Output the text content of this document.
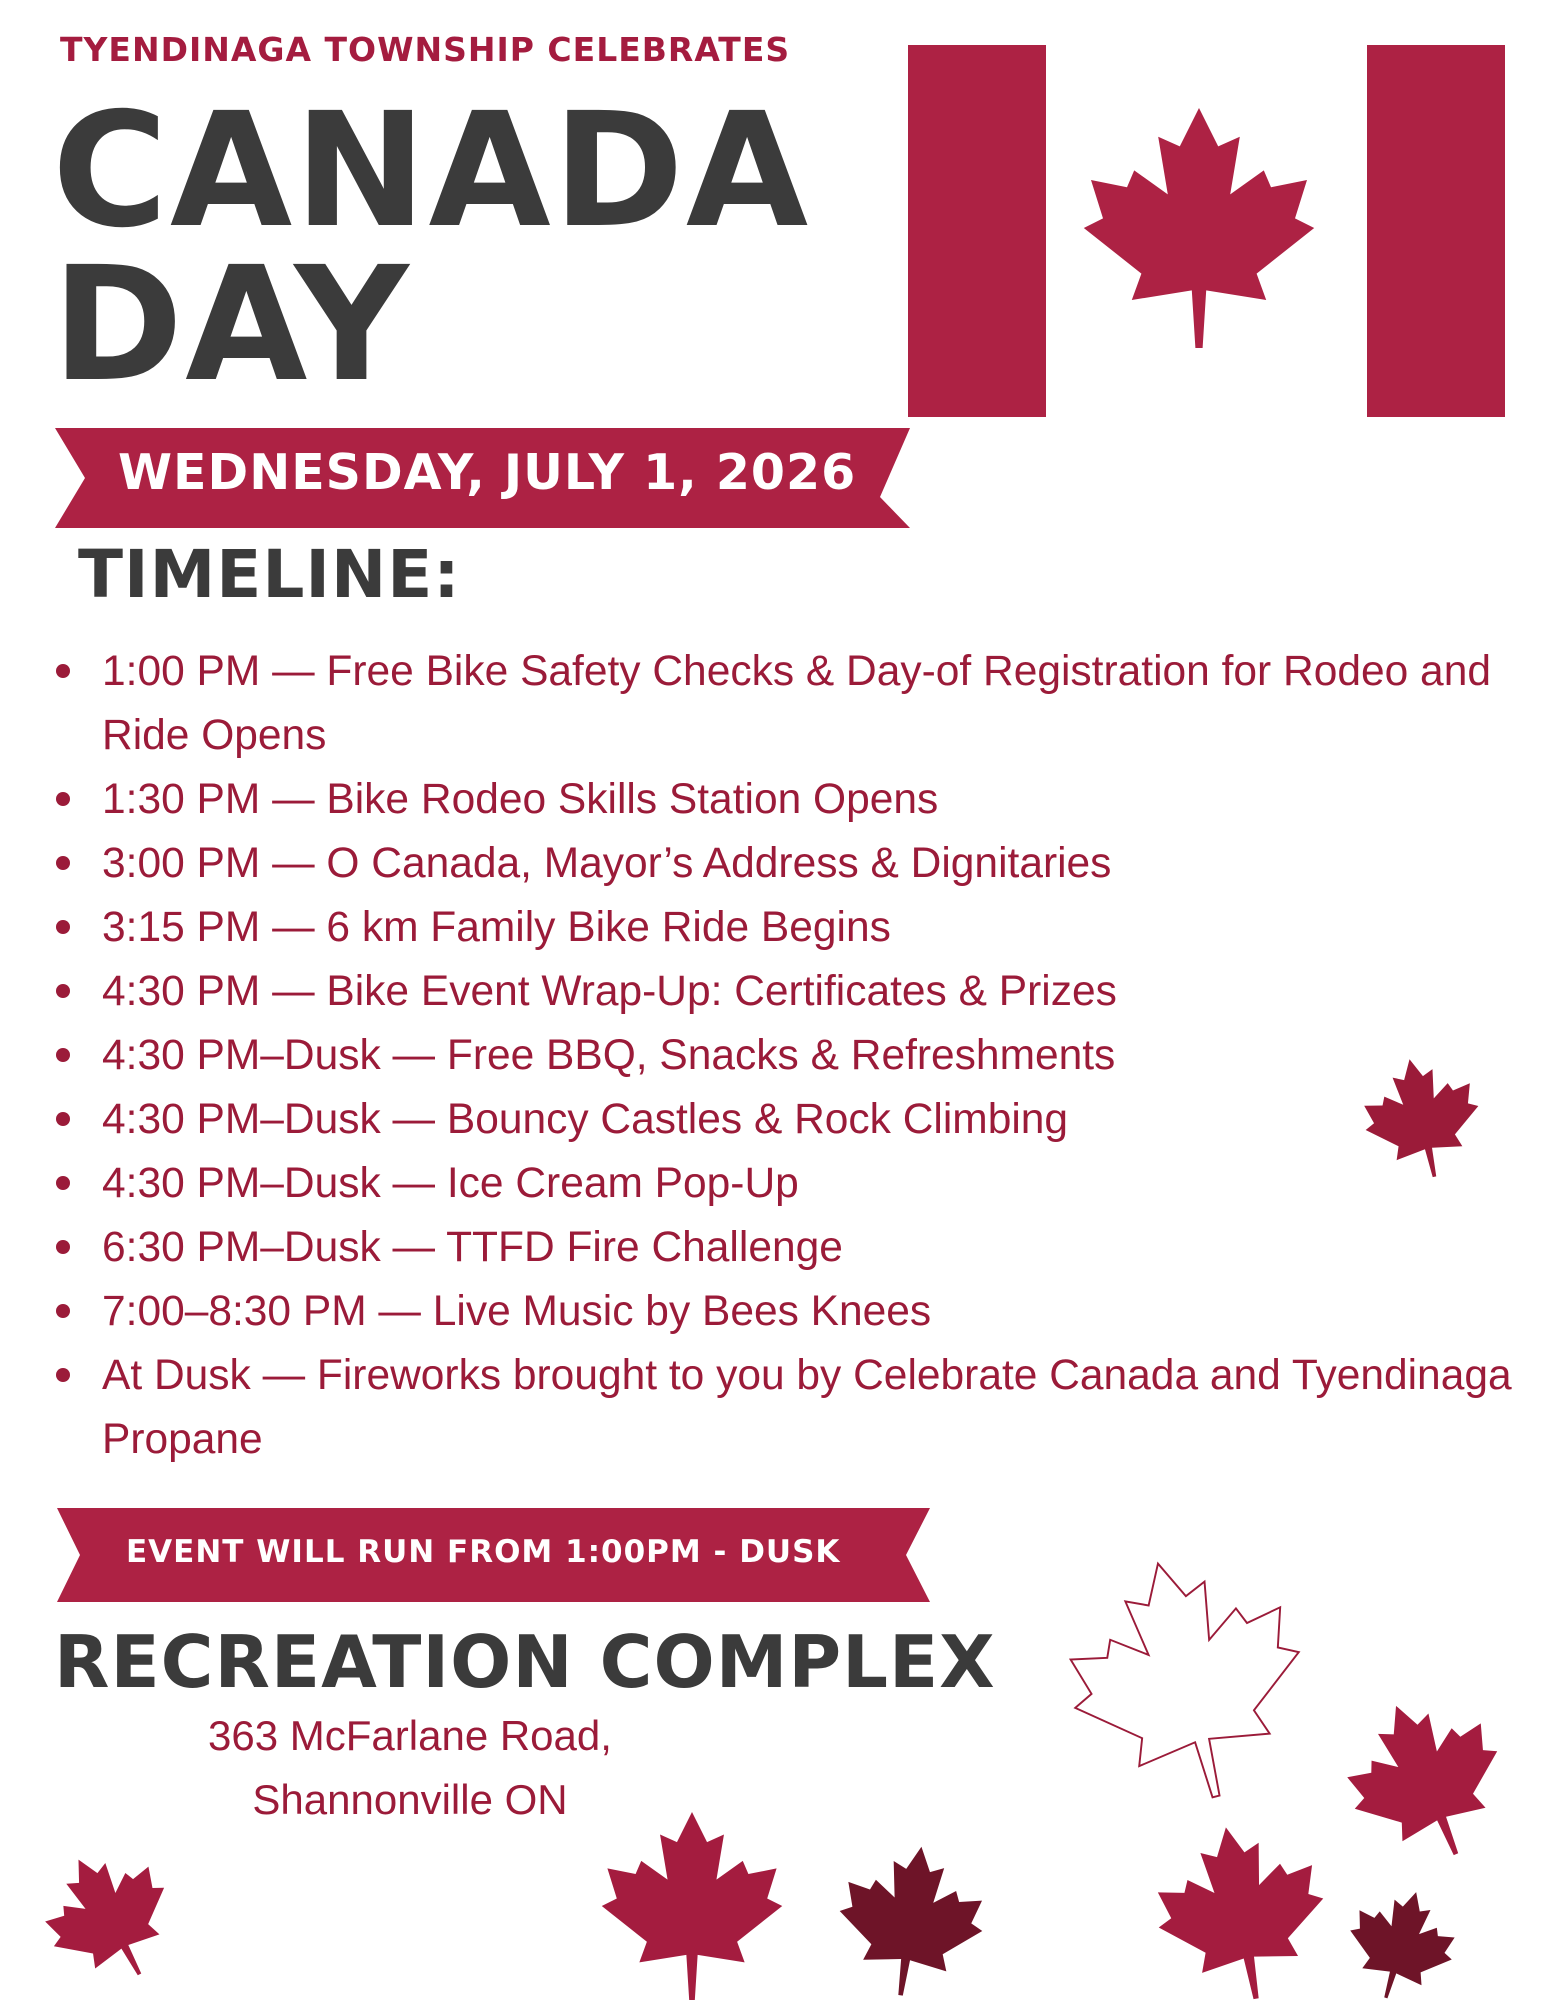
TYENDINAGA TOWNSHIP CELEBRATES
CANADA
DAY
WEDNESDAY, JULY 1, 2026
TIMELINE:
1:00 PM — Free Bike Safety Checks & Day-of Registration for Rodeo and Ride Opens
1:30 PM — Bike Rodeo Skills Station Opens
3:00 PM — O Canada, Mayor’s Address & Dignitaries
3:15 PM — 6 km Family Bike Ride Begins
4:30 PM — Bike Event Wrap-Up: Certificates & Prizes
4:30 PM–Dusk — Free BBQ, Snacks & Refreshments
4:30 PM–Dusk — Bouncy Castles & Rock Climbing
4:30 PM–Dusk — Ice Cream Pop-Up
6:30 PM–Dusk — TTFD Fire Challenge
7:00–8:30 PM — Live Music by Bees Knees
At Dusk — Fireworks brought to you by Celebrate Canada and Tyendinaga Propane
EVENT WILL RUN FROM 1:00PM - DUSK
RECREATION COMPLEX
363 McFarlane Road,
Shannonville ON
